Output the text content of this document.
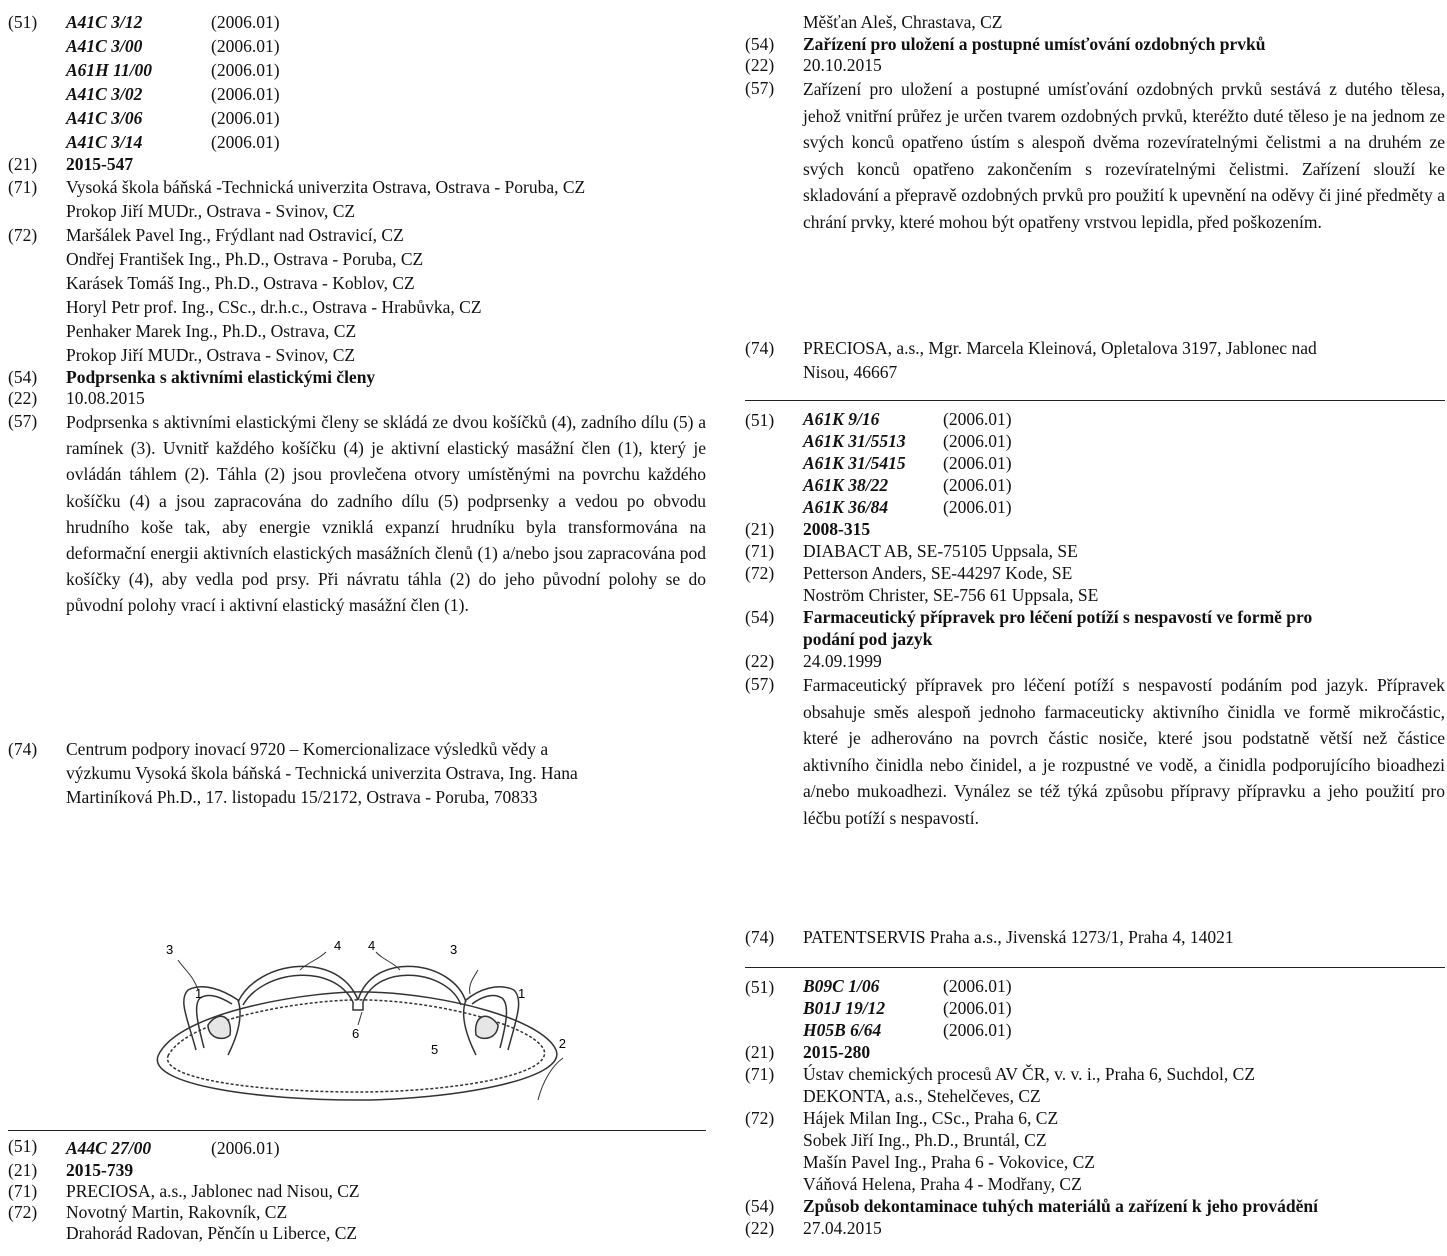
(51)	A41C 3/12	(2006.01)
A41C 3/00	(2006.01)
A61H 11/00	(2006.01)
A41C 3/02	(2006.01)
A41C 3/06	(2006.01)
A41C 3/14	(2006.01)
(21)	2015-547
(71)	Vysoká škola báňská -Technická univerzita Ostrava, Ostrava - Poruba, CZ
Prokop Jiří MUDr., Ostrava - Svinov, CZ
(72)	Maršálek Pavel Ing., Frýdlant nad Ostravicí, CZ
Ondřej František Ing., Ph.D., Ostrava - Poruba, CZ
Karásek Tomáš Ing., Ph.D., Ostrava - Koblov, CZ
Horyl Petr prof. Ing., CSc., dr.h.c., Ostrava - Hrabůvka, CZ
Penhaker Marek Ing., Ph.D., Ostrava, CZ
Prokop Jiří MUDr., Ostrava - Svinov, CZ
(54)	Podprsenka s aktivními elastickými členy
(22)	10.08.2015
(57)	Podprsenka s aktivními elastickými členy se skládá ze dvou košíčků (4), zadního dílu (5) a ramínek (3). Uvnitř každého košíčku (4) je aktivní elastický masážní člen (1), který je ovládán táhlem (2). Táhla (2) jsou provlečena otvory umístěnými na povrchu každého košíčku (4) a jsou zapracována do zadního dílu (5) podprsenky a vedou po obvodu hrudního koše tak, aby energie vzniklá expanzí hrudníku byla transformována na deformační energii aktivních elastických masážních členů (1) a/nebo jsou zapracována pod košíčky (4), aby vedla pod prsy. Při návratu táhla (2) do jeho původní polohy se do původní polohy vrací i aktivní elastický masážní člen (1).
(74)	Centrum podpory inovací 9720 – Komercionalizace výsledků vědy a
výzkumu Vysoká škola báňská - Technická univerzita Ostrava, Ing. Hana
Martiníková Ph.D., 17. listopadu 15/2172, Ostrava - Poruba, 70833
3	4 4	3
1	1
2
6
5
(51)	A44C 27/00	(2006.01)
(21)	2015-739
(71)	PRECIOSA, a.s., Jablonec nad Nisou, CZ
(72)	Novotný Martin, Rakovník, CZ
Drahorád Radovan, Pěnčín u Liberce, CZ
Měšťan Aleš, Chrastava, CZ
(54)	Zařízení pro uložení a postupné umísťování ozdobných prvků
(22)	20.10.2015
(57)	Zařízení pro uložení a postupné umísťování ozdobných prvků sestává z dutého tělesa, jehož vnitřní průřez je určen tvarem ozdobných prvků, kteréžto duté těleso je na jednom ze svých konců opatřeno ústím s alespoň dvěma rozevíratelnými čelistmi a na druhém ze svých konců opatřeno zakončením s rozevíratelnými čelistmi. Zařízení slouží ke skladování a přepravě ozdobných prvků pro použití k upevnění na oděvy či jiné předměty a chrání prvky, které mohou být opatřeny vrstvou lepidla, před poškozením.
(74)	PRECIOSA, a.s., Mgr. Marcela Kleinová, Opletalova 3197, Jablonec nad
Nisou, 46667
(51)	A61K 9/16	(2006.01)
A61K 31/5513	(2006.01)
A61K 31/5415	(2006.01)
A61K 38/22	(2006.01)
A61K 36/84	(2006.01)
(21)	2008-315
(71)	DIABACT AB, SE-75105 Uppsala, SE
(72)	Petterson Anders, SE-44297 Kode, SE
Noström Christer, SE-756 61 Uppsala, SE
(54)	Farmaceutický přípravek pro léčení potíží s nespavostí ve formě pro
podání pod jazyk
(22)	24.09.1999
(57)	Farmaceutický přípravek pro léčení potíží s nespavostí podáním pod jazyk. Přípravek obsahuje směs alespoň jednoho farmaceuticky aktivního činidla ve formě mikročástic, které je adherováno na povrch částic nosiče, které jsou podstatně větší než částice aktivního činidla nebo činidel, a je rozpustné ve vodě, a činidla podporujícího bioadhezi a/nebo mukoadhezi. Vynález se též týká způsobu přípravy přípravku a jeho použití pro léčbu potíží s nespavostí.
(74)	PATENTSERVIS Praha a.s., Jivenská 1273/1, Praha 4, 14021
(51)	B09C 1/06	(2006.01)
B01J 19/12	(2006.01)
H05B 6/64	(2006.01)
(21)	2015-280
(71)	Ústav chemických procesů AV ČR, v. v. i., Praha 6, Suchdol, CZ
DEKONTA, a.s., Stehelčeves, CZ
(72)	Hájek Milan Ing., CSc., Praha 6, CZ
Sobek Jiří Ing., Ph.D., Bruntál, CZ
Mašín Pavel Ing., Praha 6 - Vokovice, CZ
Váňová Helena, Praha 4 - Modřany, CZ
(54)	Způsob dekontaminace tuhých materiálů a zařízení k jeho provádění
(22)	27.04.2015
